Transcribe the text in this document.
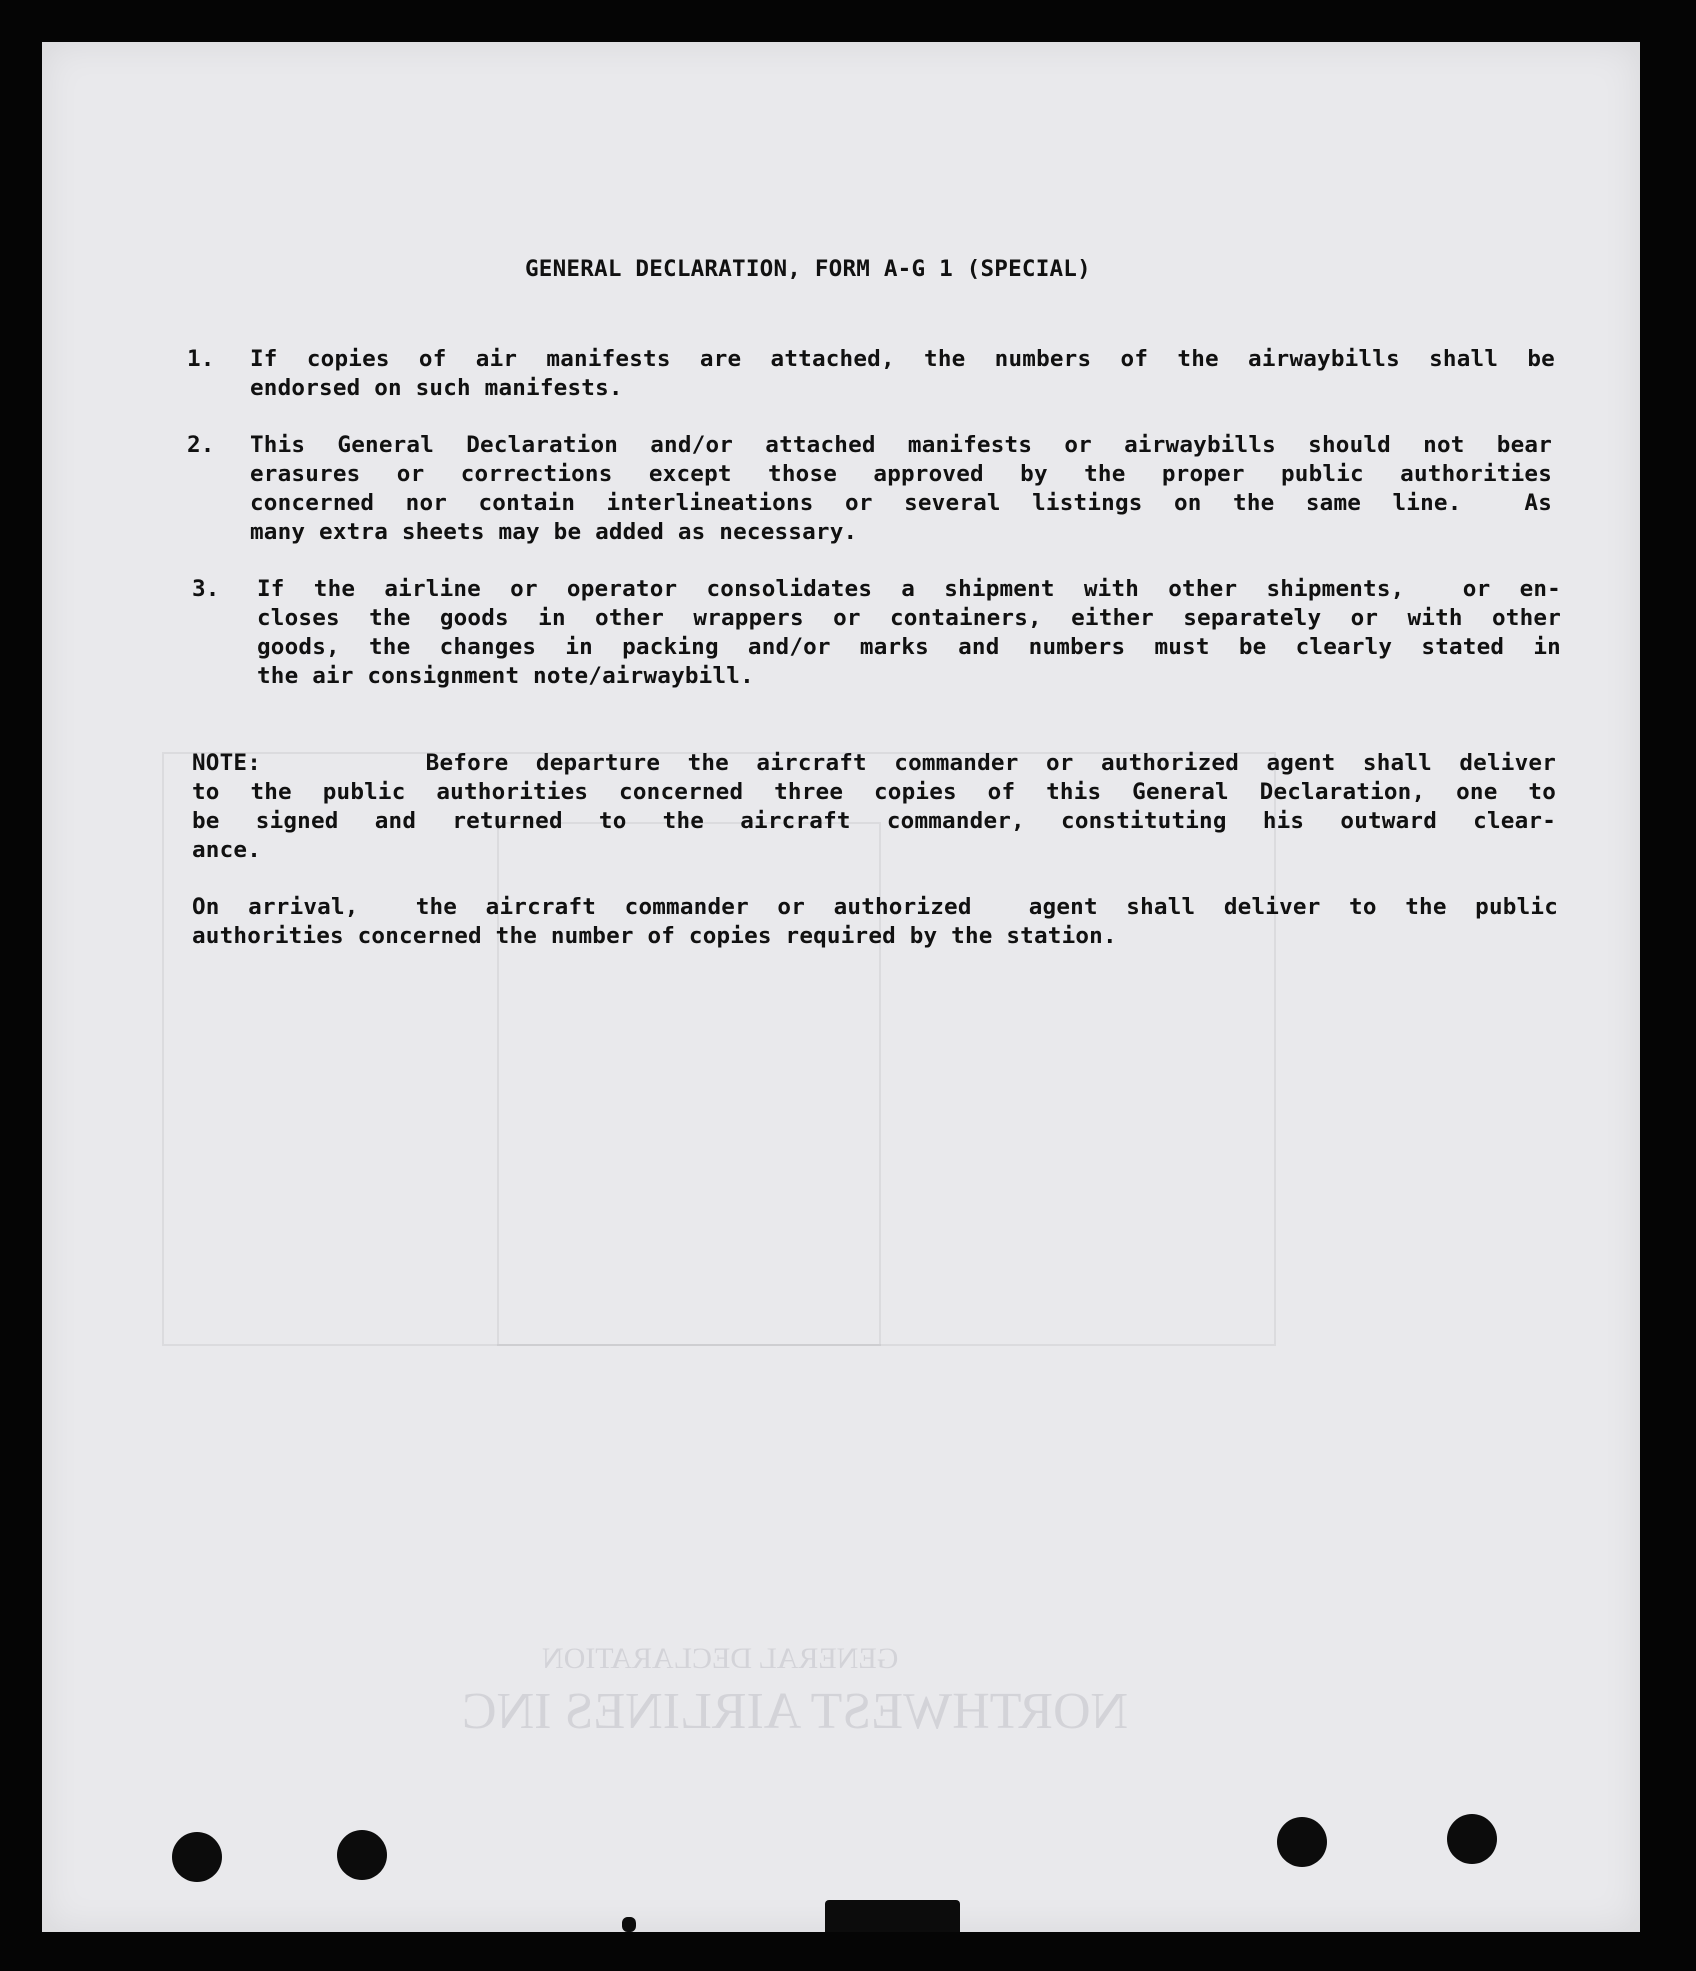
NORTHWEST AIRLINES INC
GENERAL DECLARATION
GENERAL DECLARATION, FORM A-G 1 (SPECIAL)
1. If copies of air manifests are attached, the numbers of the airwaybills shall be
endorsed on such manifests.
2. This General Declaration and/or attached manifests or airwaybills should not bear
erasures or corrections except those approved by the proper public authorities
concerned nor contain interlineations or several listings on the same line.  As
many extra sheets may be added as necessary.
3. If the airline or operator consolidates a shipment with other shipments,  or en-
closes the goods in other wrappers or containers, either separately or with other
goods, the changes in packing and/or marks and numbers must be clearly stated in
the air consignment note/airwaybill.
NOTE:      Before departure the aircraft commander or authorized agent shall deliver
to the public authorities concerned three copies of this General Declaration, one to
be signed and returned to the aircraft commander, constituting his outward clear-
ance.
On arrival,  the aircraft commander or authorized  agent shall deliver to the public
authorities concerned the number of copies required by the station.
